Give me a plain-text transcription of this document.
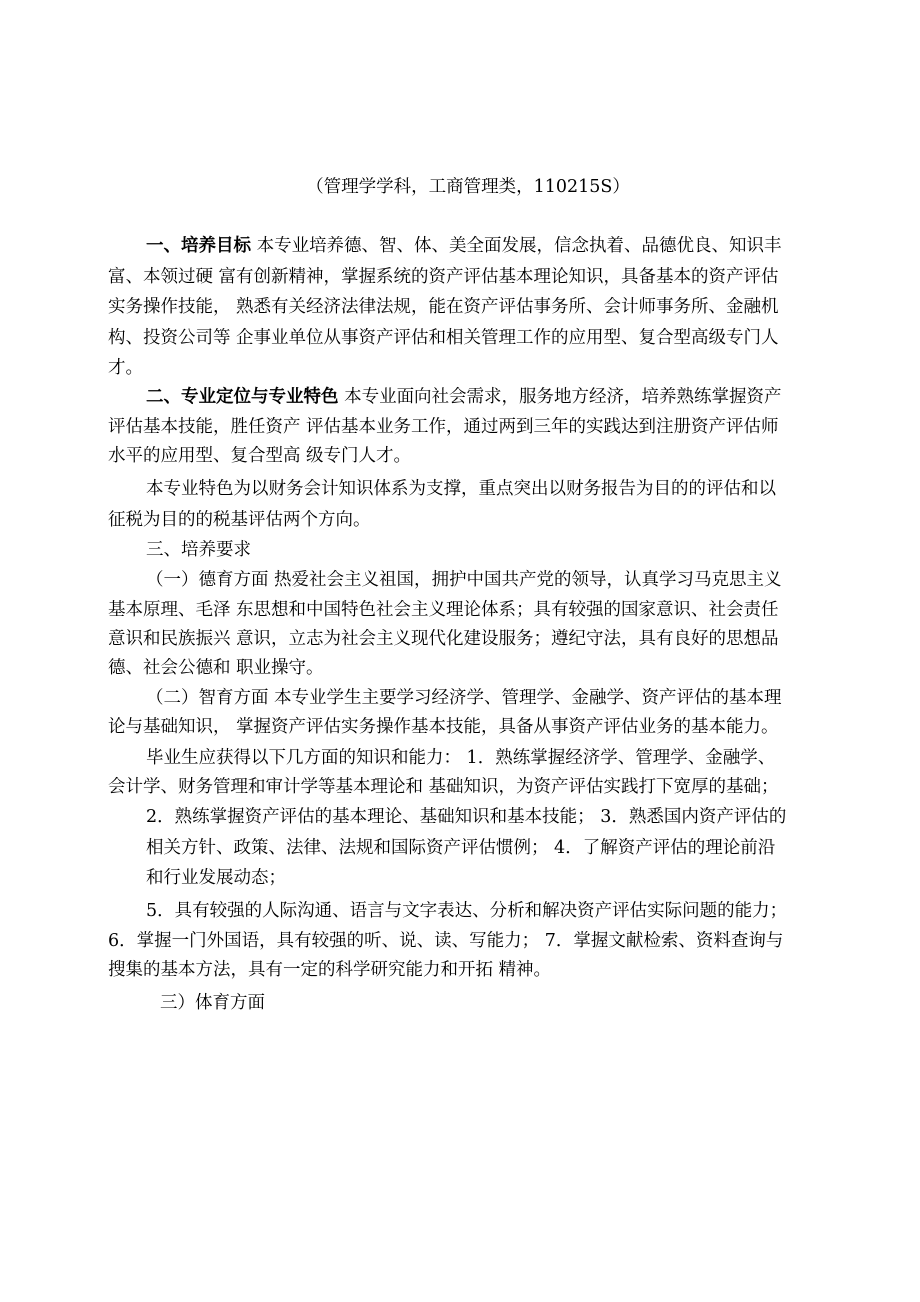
（管理学学科，工商管理类，110215S）
一、培养目标 本专业培养德、智、体、美全面发展，信念执着、品德优良、知识丰
富、本领过硬 富有创新精神，掌握系统的资产评估基本理论知识，具备基本的资产评估
实务操作技能， 熟悉有关经济法律法规，能在资产评估事务所、会计师事务所、金融机
构、投资公司等 企事业单位从事资产评估和相关管理工作的应用型、复合型高级专门人
才。
二、专业定位与专业特色 本专业面向社会需求，服务地方经济，培养熟练掌握资产
评估基本技能，胜任资产 评估基本业务工作，通过两到三年的实践达到注册资产评估师
水平的应用型、复合型高 级专门人才。
本专业特色为以财务会计知识体系为支撑，重点突出以财务报告为目的的评估和以
征税为目的的税基评估两个方向。
三、培养要求
（一）德育方面 热爱社会主义祖国，拥护中国共产党的领导，认真学习马克思主义
基本原理、毛泽 东思想和中国特色社会主义理论体系；具有较强的国家意识、社会责任
意识和民族振兴 意识，立志为社会主义现代化建设服务；遵纪守法，具有良好的思想品
德、社会公德和 职业操守。
（二）智育方面 本专业学生主要学习经济学、管理学、金融学、资产评估的基本理
论与基础知识， 掌握资产评估实务操作基本技能，具备从事资产评估业务的基本能力。
毕业生应获得以下几方面的知识和能力： 1．熟练掌握经济学、管理学、金融学、
会计学、财务管理和审计学等基本理论和 基础知识，为资产评估实践打下宽厚的基础；
2．熟练掌握资产评估的基本理论、基础知识和基本技能； 3．熟悉国内资产评估的
相关方针、政策、法律、法规和国际资产评估惯例； 4．了解资产评估的理论前沿
和行业发展动态；
5．具有较强的人际沟通、语言与文字表达、分析和解决资产评估实际问题的能力；
6．掌握一门外国语，具有较强的听、说、读、写能力； 7．掌握文献检索、资料查询与
搜集的基本方法，具有一定的科学研究能力和开拓 精神。
三）体育方面
